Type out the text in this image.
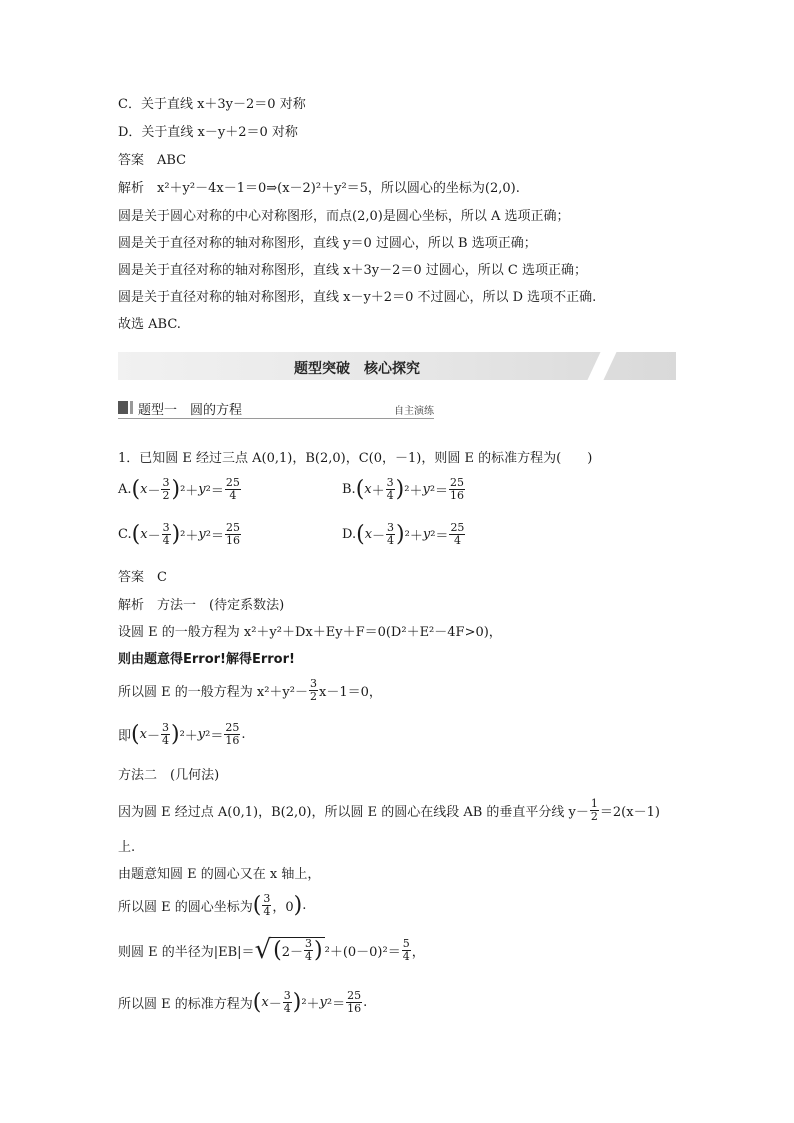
C．关于直线 x＋3y－2＝0 对称
D．关于直线 x－y＋2＝0 对称
答案　ABC
解析　x²＋y²－4x－1＝0⇒(x－2)²＋y²＝5，所以圆心的坐标为(2,0).
圆是关于圆心对称的中心对称图形，而点(2,0)是圆心坐标，所以 A 选项正确；
圆是关于直径对称的轴对称图形，直线 y＝0 过圆心，所以 B 选项正确；
圆是关于直径对称的轴对称图形，直线 x＋3y－2＝0 过圆心，所以 C 选项正确；
圆是关于直径对称的轴对称图形，直线 x－y＋2＝0 不过圆心，所以 D 选项不正确.
故选 ABC.
题型突破　核心探究
题型一　圆的方程	自主演练
1．已知圆 E 经过三点 A(0,1)，B(2,0)，C(0，－1)，则圆 E 的标准方程为(　　)
A. ( $x - \frac{3}{2}$ ) ²＋ y $^2= \frac{25}{4}$	B. ( $x + \frac{3}{4}$ ) ²＋ y $^2= \frac{25}{16}$
C. ( $x - \frac{3}{4}$ ) ²＋ y $^2= \frac{25}{16}$	D. ( $x - \frac{3}{4}$ ) ²＋ y $^2= \frac{25}{4}$
答案　C
解析　方法一　(待定系数法)
设圆 E 的一般方程为 x²＋y²＋Dx＋Ey＋F＝0(D²＋E²－4F>0)，
则由题意得Error!解得Error!
所以圆 E 的一般方程为 $x^2+y^2- \frac{3}{2} x-1=0$，
即 ( $x - \frac{3}{4}$ ) ²＋ y $^2= \frac{25}{16}$ .
方法二　(几何法)
因为圆 E 经过点 A(0,1)，B(2,0)，所以圆 E 的圆心在线段 AB 的垂直平分线 $y- \frac{1}{2} =2(x-1)$
上.
由题意知圆 E 的圆心又在 x 轴上，
所以圆 E 的圆心坐标为 ( $\frac{3}{4}$ ，0 ) .
则圆 E 的半径为|EB|＝ √ ( $2- \frac{3}{4}$ ) $^2+(0-0)^2= \frac{5}{4}$ ，
所以圆 E 的标准方程为 ( $x - \frac{3}{4}$ ) ²＋ y $^2= \frac{25}{16}$ .
